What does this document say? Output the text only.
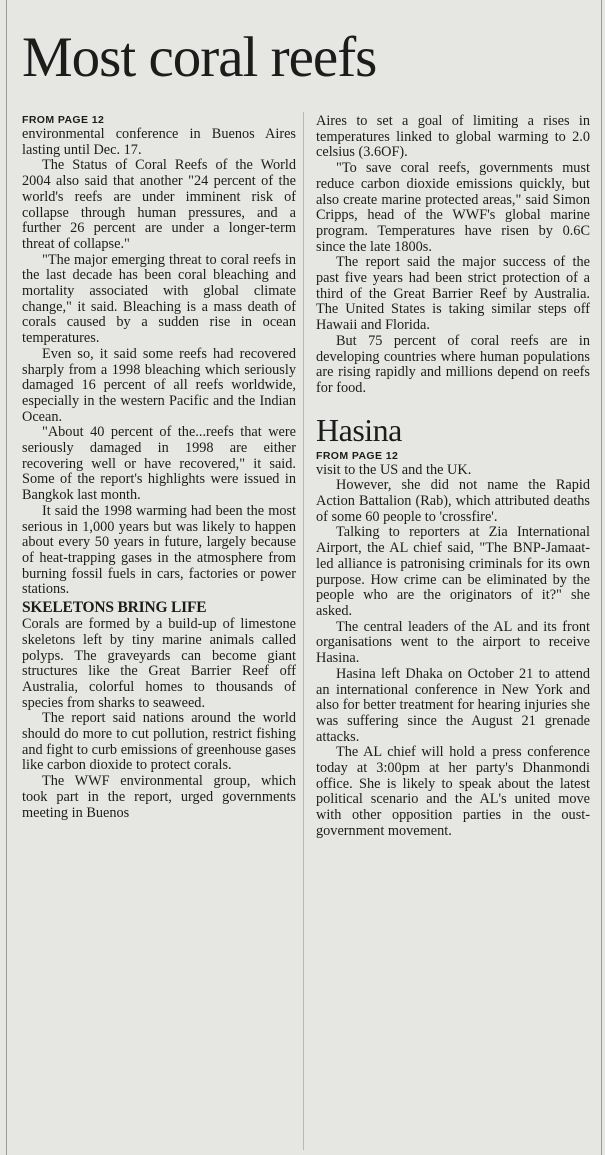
Most coral reefs

FROM PAGE 12

environmental conference in Buenos Aires lasting until Dec. 17.

The Status of Coral Reefs of the World 2004 also said that another "24 percent of the world's reefs are under imminent risk of collapse through human pressures, and a further 26 percent are under a longer-term threat of collapse."

"The major emerging threat to coral reefs in the last decade has been coral bleaching and mortality associated with global climate change," it said. Bleaching is a mass death of corals caused by a sudden rise in ocean temperatures.

Even so, it said some reefs had recovered sharply from a 1998 bleaching which seriously damaged 16 percent of all reefs worldwide, especially in the western Pacific and the Indian Ocean.

"About 40 percent of the...reefs that were seriously damaged in 1998 are either recovering well or have recovered," it said. Some of the report's highlights were issued in Bangkok last month.

It said the 1998 warming had been the most serious in 1,000 years but was likely to happen about every 50 years in future, largely because of heat-trapping gases in the atmosphere from burning fossil fuels in cars, factories or power stations.

SKELETONS BRING LIFE

Corals are formed by a build-up of limestone skeletons left by tiny marine animals called polyps. The graveyards can become giant structures like the Great Barrier Reef off Australia, colorful homes to thousands of species from sharks to seaweed.

The report said nations around the world should do more to cut pollution, restrict fishing and fight to curb emissions of greenhouse gases like carbon dioxide to protect corals.

The WWF environmental group, which took part in the report, urged governments meeting in Buenos

Aires to set a goal of limiting a rises in temperatures linked to global warming to 2.0 celsius (3.6OF).

"To save coral reefs, governments must reduce carbon dioxide emissions quickly, but also create marine protected areas," said Simon Cripps, head of the WWF's global marine program. Temperatures have risen by 0.6C since the late 1800s.

The report said the major success of the past five years had been strict protection of a third of the Great Barrier Reef by Australia. The United States is taking similar steps off Hawaii and Florida.

But 75 percent of coral reefs are in developing countries where human populations are rising rapidly and millions depend on reefs for food.

Hasina

FROM PAGE 12

visit to the US and the UK.

However, she did not name the Rapid Action Battalion (Rab), which attributed deaths of some 60 people to 'crossfire'.

Talking to reporters at Zia International Airport, the AL chief said, "The BNP-Jamaat-led alliance is patronising criminals for its own purpose. How crime can be eliminated by the people who are the originators of it?" she asked.

The central leaders of the AL and its front organisations went to the airport to receive Hasina.

Hasina left Dhaka on October 21 to attend an international conference in New York and also for better treatment for hearing injuries she was suffering since the August 21 grenade attacks.

The AL chief will hold a press conference today at 3:00pm at her party's Dhanmondi office. She is likely to speak about the latest political scenario and the AL's united move with other opposition parties in the oust-government movement.
